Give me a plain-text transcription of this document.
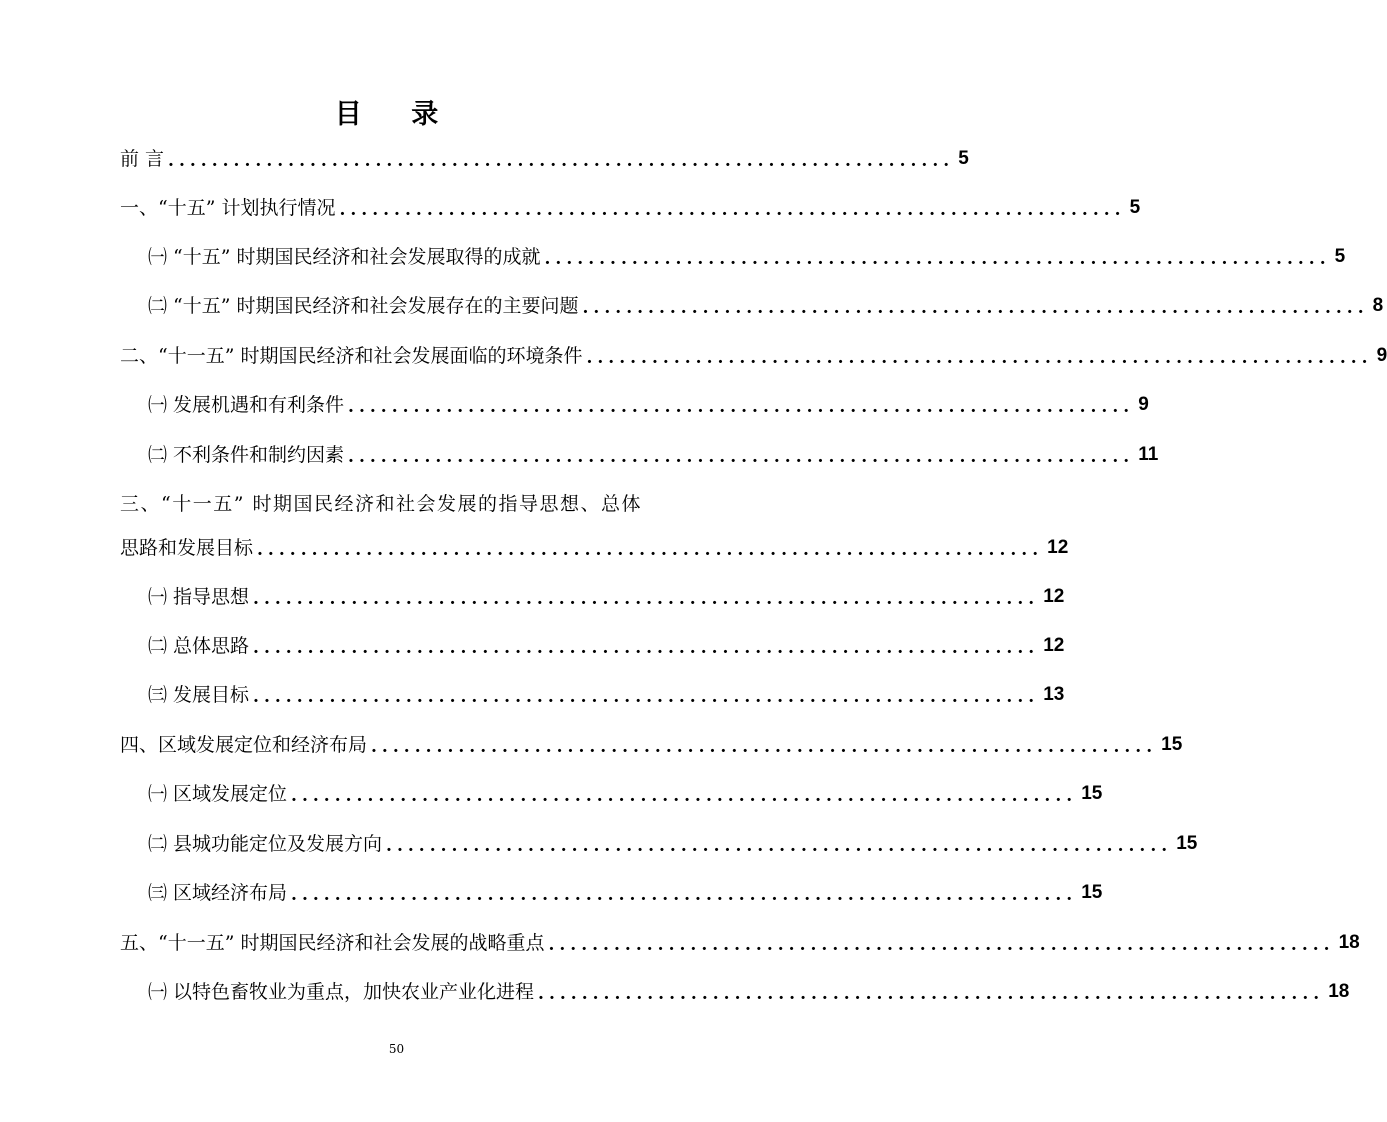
目 录
前 言 ........................................................................ 5
一、“十五” 计划执行情况 ........................................................................ 5
㈠ “十五” 时期国民经济和社会发展取得的成就 ........................................................................ 5
㈡ “十五” 时期国民经济和社会发展存在的主要问题 ........................................................................ 8
二、“十一五” 时期国民经济和社会发展面临的环境条件 ........................................................................ 9
㈠ 发展机遇和有利条件 ........................................................................ 9
㈡ 不利条件和制约因素 ........................................................................ 11
三、“十一五” 时期国民经济和社会发展的指导思想、总体
思路和发展目标 ........................................................................ 12
㈠ 指导思想 ........................................................................ 12
㈡ 总体思路 ........................................................................ 12
㈢ 发展目标 ........................................................................ 13
四、区域发展定位和经济布局 ........................................................................ 15
㈠ 区域发展定位 ........................................................................ 15
㈡ 县城功能定位及发展方向 ........................................................................ 15
㈢ 区域经济布局 ........................................................................ 15
五、“十一五” 时期国民经济和社会发展的战略重点 ........................................................................ 18
㈠ 以特色畜牧业为重点，加快农业产业化进程 ........................................................................ 18
50
